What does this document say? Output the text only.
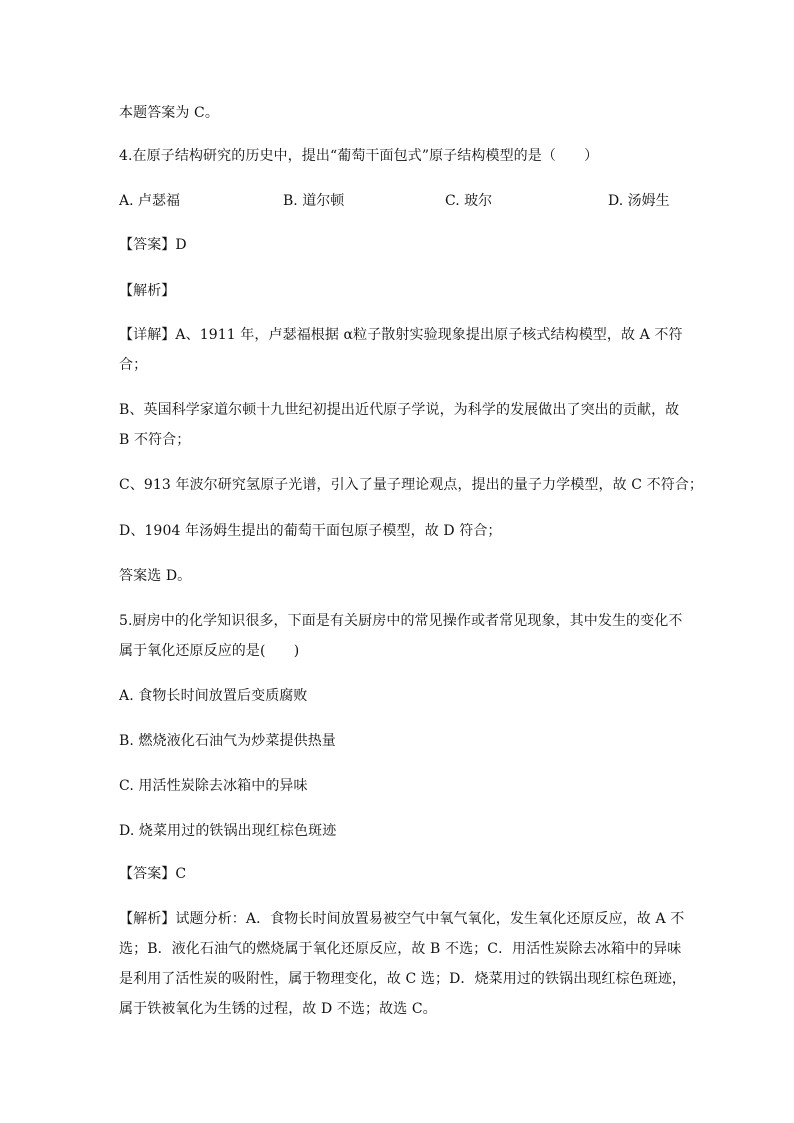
本题答案为 C。
4.在原子结构研究的历史中，提出“葡萄干面包式”原子结构模型的是（　　）
A. 卢瑟福	B. 道尔顿	C. 玻尔	D. 汤姆生
【答案】D
【解析】
【详解】A、1911 年，卢瑟福根据 α粒子散射实验现象提出原子核式结构模型，故 A 不符
合；
B、英国科学家道尔顿十九世纪初提出近代原子学说，为科学的发展做出了突出的贡献，故
B 不符合；
C、913 年波尔研究氢原子光谱，引入了量子理论观点，提出的量子力学模型，故 C 不符合；
D、1904 年汤姆生提出的葡萄干面包原子模型，故 D 符合；
答案选 D。
5.厨房中的化学知识很多，下面是有关厨房中的常见操作或者常见现象，其中发生的变化不
属于氧化还原反应的是(　　)
A. 食物长时间放置后变质腐败
B. 燃烧液化石油气为炒菜提供热量
C. 用活性炭除去冰箱中的异味
D. 烧菜用过的铁锅出现红棕色斑迹
【答案】C
【解析】试题分析：A．食物长时间放置易被空气中氧气氧化，发生氧化还原反应，故 A 不
选；B．液化石油气的燃烧属于氧化还原反应，故 B 不选；C．用活性炭除去冰箱中的异味
是利用了活性炭的吸附性，属于物理变化，故 C 选；D．烧菜用过的铁锅出现红棕色斑迹，
属于铁被氧化为生锈的过程，故 D 不选；故选 C。
